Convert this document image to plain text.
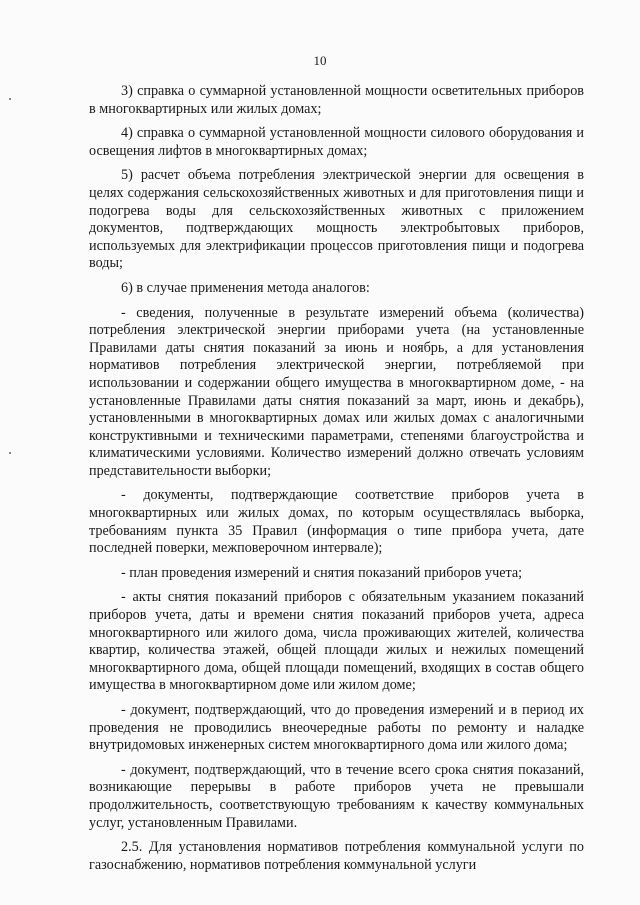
10

3) справка о суммарной установленной мощности осветительных приборов в многоквартирных или жилых домах;

4) справка о суммарной установленной мощности силового оборудования и освещения лифтов в многоквартирных домах;

5) расчет объема потребления электрической энергии для освещения в целях содержания сельскохозяйственных животных и для приготовления пищи и подогрева воды для сельскохозяйственных животных с приложением документов, подтверждающих мощность электробытовых приборов, используемых для электрификации процессов приготовления пищи и подогрева воды;

6) в случае применения метода аналогов:

- сведения, полученные в результате измерений объема (количества) потребления электрической энергии приборами учета (на установленные Правилами даты снятия показаний за июнь и ноябрь, а для установления нормативов потребления электрической энергии, потребляемой при использовании и содержании общего имущества в многоквартирном доме, - на установленные Правилами даты снятия показаний за март, июнь и декабрь), установленными в многоквартирных домах или жилых домах с аналогичными конструктивными и техническими параметрами, степенями благоустройства и климатическими условиями. Количество измерений должно отвечать условиям представительности выборки;

- документы, подтверждающие соответствие приборов учета в многоквартирных или жилых домах, по которым осуществлялась выборка, требованиям пункта 35 Правил (информация о типе прибора учета, дате последней поверки, межповерочном интервале);

- план проведения измерений и снятия показаний приборов учета;

- акты снятия показаний приборов с обязательным указанием показаний приборов учета, даты и времени снятия показаний приборов учета, адреса многоквартирного или жилого дома, числа проживающих жителей, количества квартир, количества этажей, общей площади жилых и нежилых помещений многоквартирного дома, общей площади помещений, входящих в состав общего имущества в многоквартирном доме или жилом доме;

- документ, подтверждающий, что до проведения измерений и в период их проведения не проводились внеочередные работы по ремонту и наладке внутридомовых инженерных систем многоквартирного дома или жилого дома;

- документ, подтверждающий, что в течение всего срока снятия показаний, возникающие перерывы в работе приборов учета не превышали продолжительность, соответствующую требованиям к качеству коммунальных услуг, установленным Правилами.

2.5. Для установления нормативов потребления коммунальной услуги по газоснабжению, нормативов потребления коммунальной услуги
